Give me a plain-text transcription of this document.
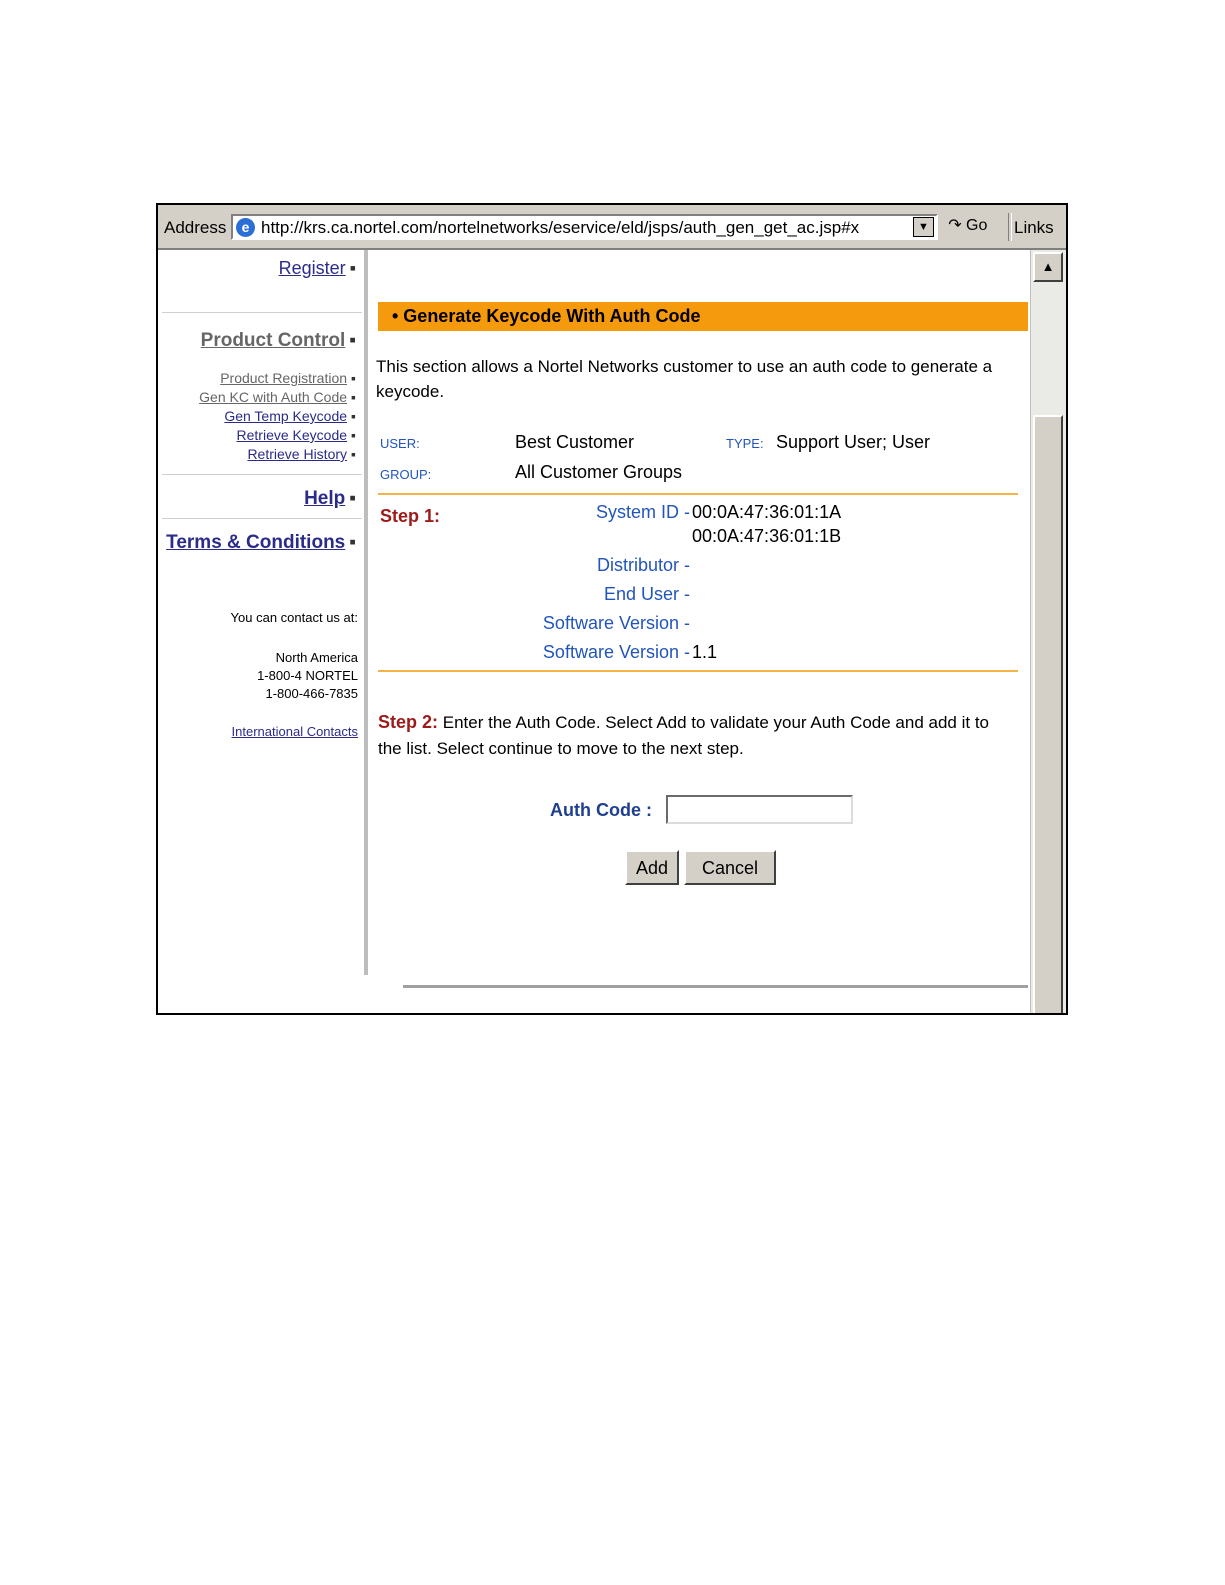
Address	e http://krs.ca.nortel.com/nortelnetworks/eservice/eld/jsps/auth_gen_get_ac.jsp#x	▼	↷ Go	Links
Register ▪
Product Control ▪
Product Registration ▪
Gen KC with Auth Code ▪
Gen Temp Keycode ▪
Retrieve Keycode ▪
Retrieve History ▪
Help ▪
Terms & Conditions ▪
You can contact us at:
North America
1-800-4 NORTEL
1-800-466-7835
International Contacts
• Generate Keycode With Auth Code
This section allows a Nortel Networks customer to use an auth code to generate a keycode.
USER:	Best Customer	TYPE: Support User; User
GROUP:	All Customer Groups
Step 1:	System ID - 00:0A:47:36:01:1A
00:0A:47:36:01:1B
Distributor -
End User -
Software Version -
Software Version - 1.1
Step 2: Enter the Auth Code. Select Add to validate your Auth Code and add it to the list. Select continue to move to the next step.
Auth Code :
Add	Cancel
▲
